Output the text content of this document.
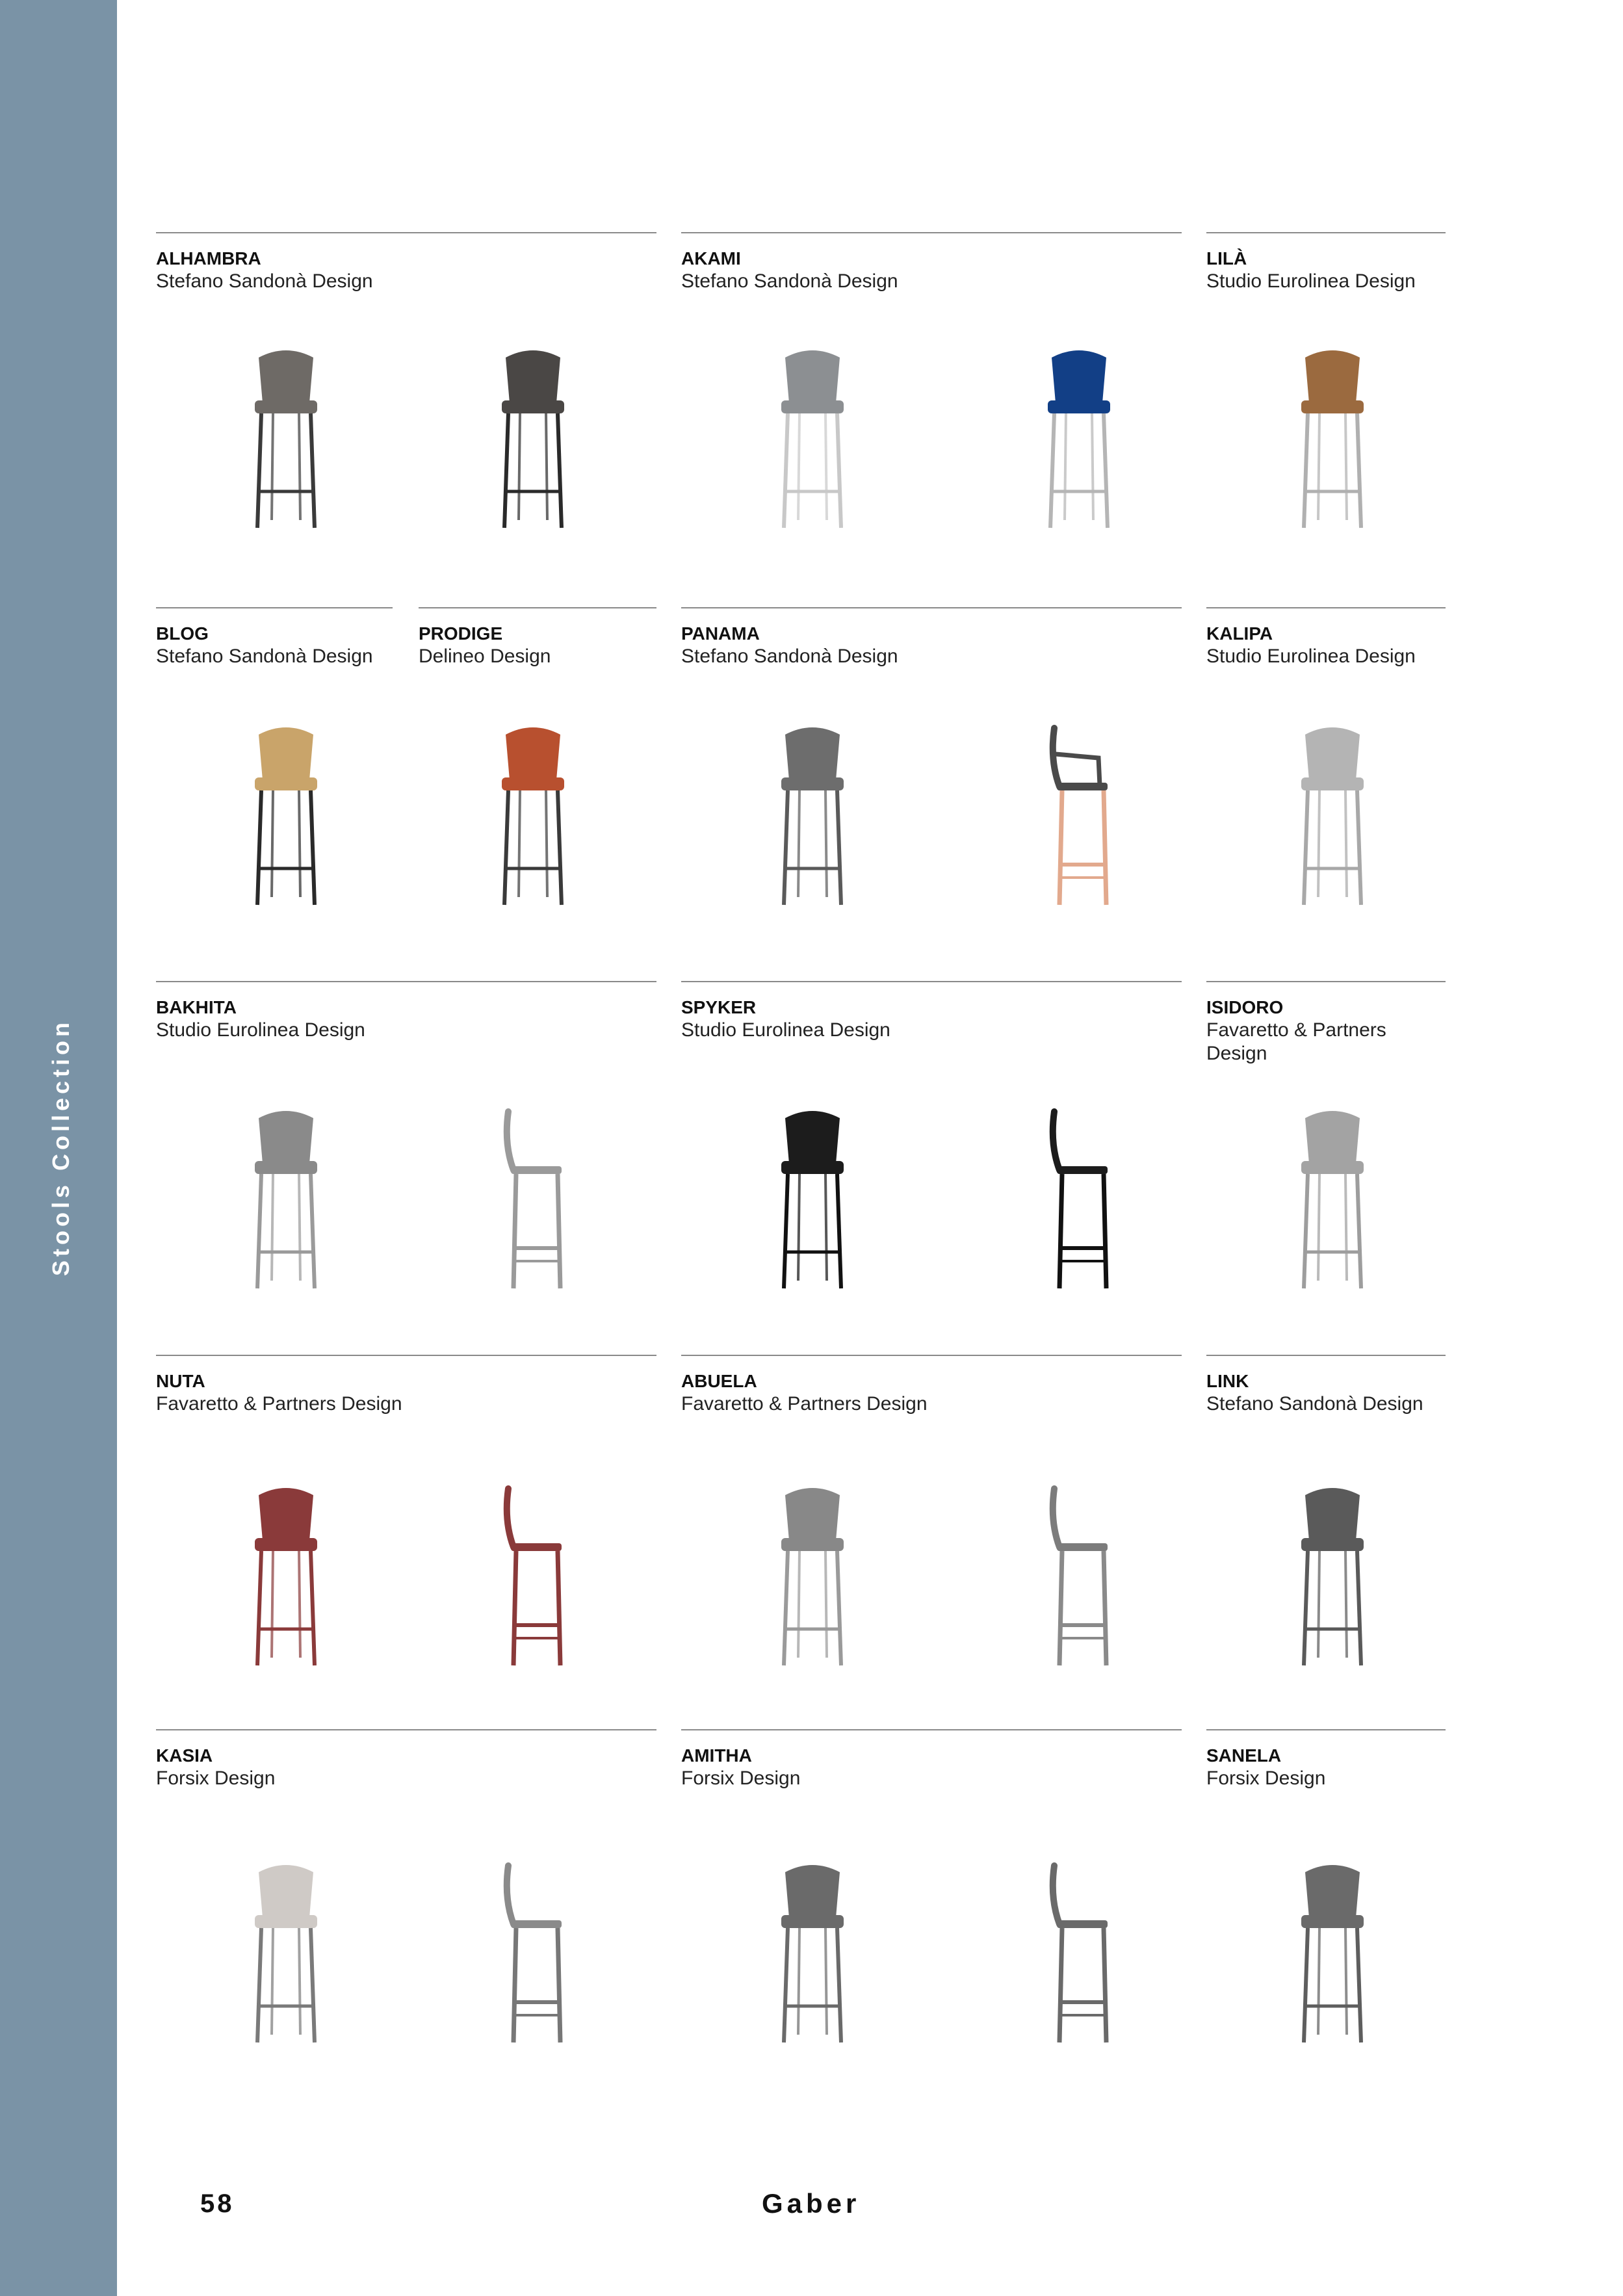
Stools Collection
ALHAMBRA
Stefano Sandonà Design
AKAMI
Stefano Sandonà Design
LILÀ
Studio Eurolinea Design
BLOG
Stefano Sandonà Design
PRODIGE
Delineo Design
PANAMA
Stefano Sandonà Design
KALIPA
Studio Eurolinea Design
BAKHITA
Studio Eurolinea Design
SPYKER
Studio Eurolinea Design
ISIDORO
Favaretto & Partners Design
NUTA
Favaretto & Partners Design
ABUELA
Favaretto & Partners Design
LINK
Stefano Sandonà Design
KASIA
Forsix Design
AMITHA
Forsix Design
SANELA
Forsix Design
58	Gaber
